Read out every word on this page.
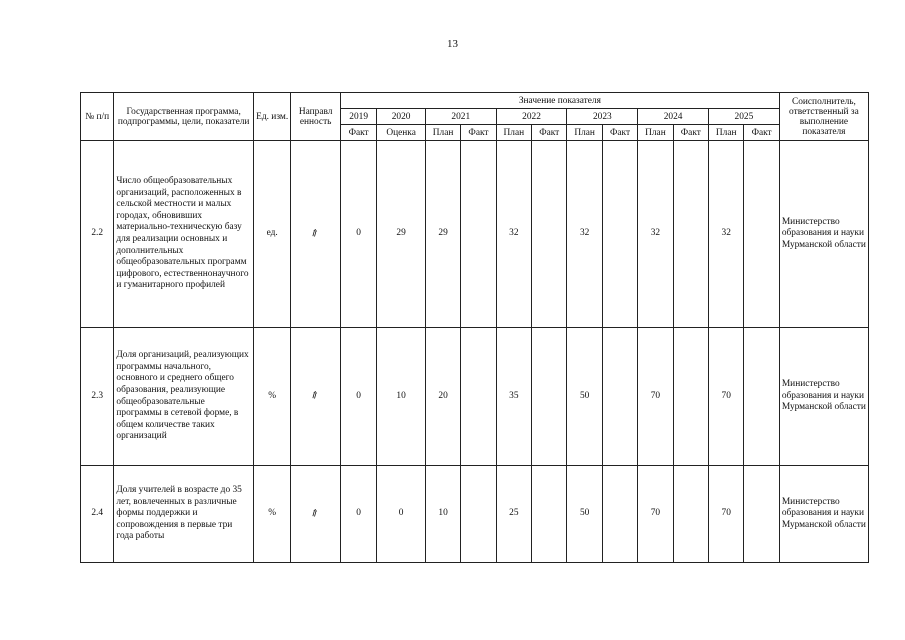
13
№ п/п	Государственная программа, подпрограммы, цели, показатели	Ед. изм.	Направл енность	Значение показателя												Соисполнитель, ответственный за выполнение показателя
				2019	2020	2021		2022		2023		2024		2025		
				Факт	Оценка	План	Факт	План	Факт	План	Факт	План	Факт	План	Факт	
2.2	Число общеобразовательных организаций, расположенных в сельской местности и малых городах, обновивших материально-техническую базу для реализации основных и дополнительных общеобразовательных программ цифрового, естественнонаучного и гуманитарного профилей	ед.	⇗	0	29	29		32		32		32		32		Министерство образования и науки Мурманской области
2.3	Доля организаций, реализующих программы начального, основного и среднего общего образования, реализующие общеобразовательные программы в сетевой форме, в общем количестве таких организаций	%	⇗	0	10	20		35		50		70		70		Министерство образования и науки Мурманской области
2.4	Доля учителей в возрасте до 35 лет, вовлеченных в различные формы поддержки и сопровождения в первые три года работы	%	⇗	0	0	10		25		50		70		70		Министерство образования и науки Мурманской области
